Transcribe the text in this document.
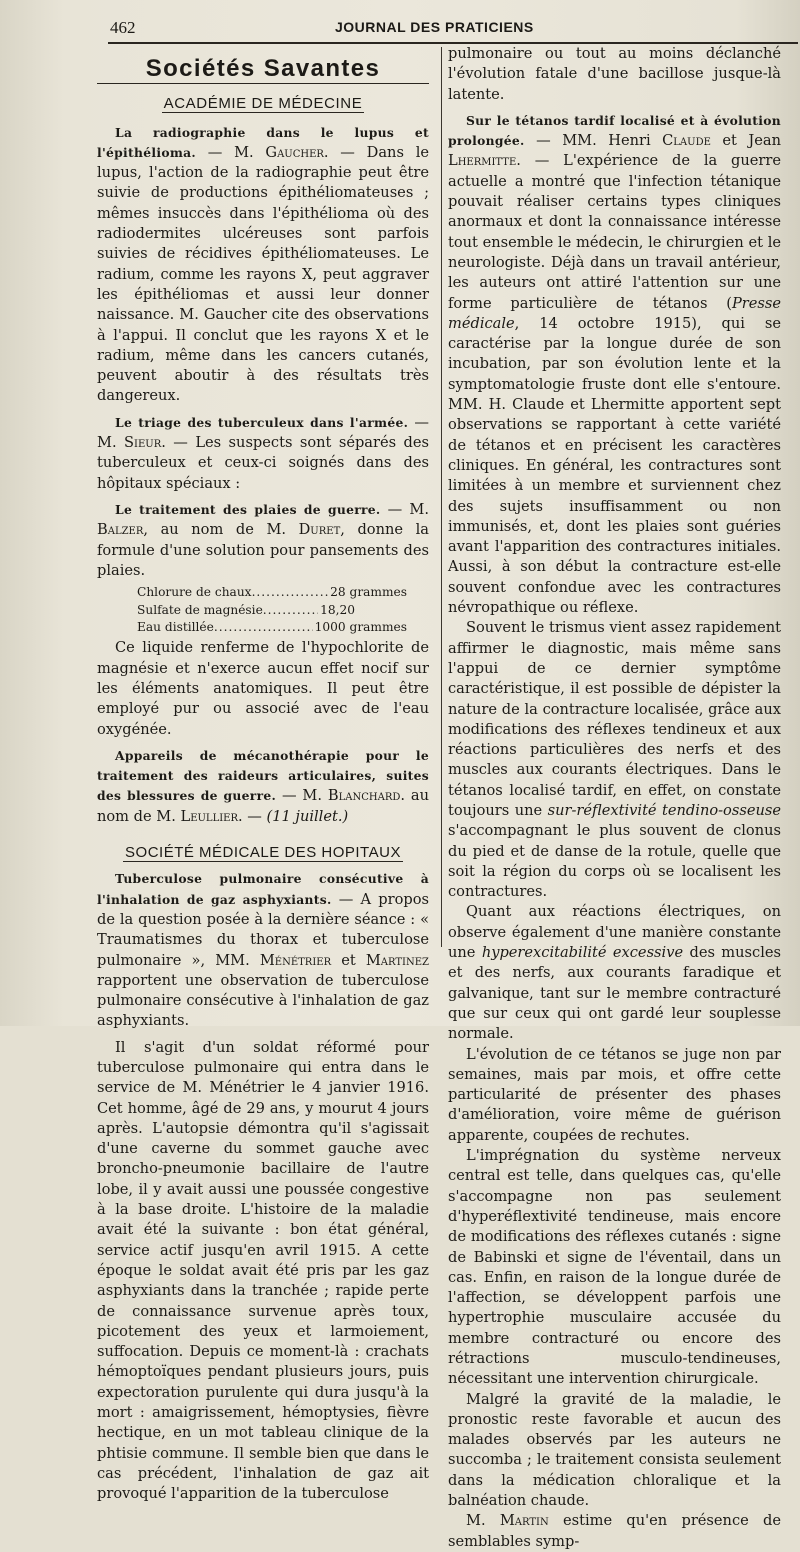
462	JOURNAL DES PRATICIENS
Sociétés Savantes
ACADÉMIE DE MÉDECINE

La radiographie dans le lupus et l'épithélioma. — M. Gaucher. — Dans le lupus, l'action de la radiographie peut être suivie de productions épithéliomateuses ; mêmes insuccès dans l'épithélioma où des radiodermites ulcéreuses sont parfois suivies de récidives épithéliomateuses. Le radium, comme les rayons X, peut aggraver les épithéliomas et aussi leur donner naissance. M. Gaucher cite des observations à l'appui. Il conclut que les rayons X et le radium, même dans les cancers cutanés, peuvent aboutir à des résultats très dangereux.

Le triage des tuberculeux dans l'armée. — M. Sieur. — Les suspects sont séparés des tuberculeux et ceux-ci soignés dans des hôpitaux spéciaux :

Le traitement des plaies de guerre. — M. Balzer, au nom de M. Duret, donne la formule d'une solution pour pansements des plaies.

Chlorure de chaux .....	28 grammes
Sulfate de magnésie .....	18,20
Eau distillée .....	1000 grammes

Ce liquide renferme de l'hypochlorite de magnésie et n'exerce aucun effet nocif sur les éléments anatomiques. Il peut être employé pur ou associé avec de l'eau oxygénée.

Appareils de mécanothérapie pour le traitement des raideurs articulaires, suites des blessures de guerre. — M. Blanchard. au nom de M. Leullier. — (11 juillet.)

SOCIÉTÉ MÉDICALE DES HOPITAUX

Tuberculose pulmonaire consécutive à l'inhalation de gaz asphyxiants. — A propos de la question posée à la dernière séance : « Traumatismes du thorax et tuberculose pulmonaire », MM. Ménétrier et Martinez rapportent une observation de tuberculose pulmonaire consécutive à l'inhalation de gaz asphyxiants.

Il s'agit d'un soldat réformé pour tuberculose pulmonaire qui entra dans le service de M. Ménétrier le 4 janvier 1916. Cet homme, âgé de 29 ans, y mourut 4 jours après. L'autopsie démontra qu'il s'agissait d'une caverne du sommet gauche avec broncho-pneumonie bacillaire de l'autre lobe, il y avait aussi une poussée congestive à la base droite. L'histoire de la maladie avait été la suivante : bon état général, service actif jusqu'en avril 1915. A cette époque le soldat avait été pris par les gaz asphyxiants dans la tranchée ; rapide perte de connaissance survenue après toux, picotement des yeux et larmoiement, suffocation. Depuis ce moment-là : crachats hémoptoïques pendant plusieurs jours, puis expectoration purulente qui dura jusqu'à la mort : amaigrissement, hémoptysies, fièvre hectique, en un mot tableau clinique de la phtisie commune. Il semble bien que dans le cas précédent, l'inhalation de gaz ait provoqué l'apparition de la tuberculose

pulmonaire ou tout au moins déclanché l'évolution fatale d'une bacillose jusque-là latente.

Sur le tétanos tardif localisé et à évolution prolongée. — MM. Henri Claude et Jean Lhermitte. — L'expérience de la guerre actuelle a montré que l'infection tétanique pouvait réaliser certains types cliniques anormaux et dont la connaissance intéresse tout ensemble le médecin, le chirurgien et le neurologiste. Déjà dans un travail antérieur, les auteurs ont attiré l'attention sur une forme particulière de tétanos (Presse médicale, 14 octobre 1915), qui se caractérise par la longue durée de son incubation, par son évolution lente et la symptomatologie fruste dont elle s'entoure. MM. H. Claude et Lhermitte apportent sept observations se rapportant à cette variété de tétanos et en précisent les caractères cliniques. En général, les contractures sont limitées à un membre et surviennent chez des sujets insuffisamment ou non immunisés, et, dont les plaies sont guéries avant l'apparition des contractures initiales. Aussi, à son début la contracture est-elle souvent confondue avec les contractures névropathique ou réflexe.

Souvent le trismus vient assez rapidement affirmer le diagnostic, mais même sans l'appui de ce dernier symptôme caractéristique, il est possible de dépister la nature de la contracture localisée, grâce aux modifications des réflexes tendineux et aux réactions particulières des nerfs et des muscles aux courants électriques. Dans le tétanos localisé tardif, en effet, on constate toujours une sur-réflextivité tendino-osseuse s'accompagnant le plus souvent de clonus du pied et de danse de la rotule, quelle que soit la région du corps où se localisent les contractures.

Quant aux réactions électriques, on observe également d'une manière constante une hyperexcitabilité excessive des muscles et des nerfs, aux courants faradique et galvanique, tant sur le membre contracturé que sur ceux qui ont gardé leur souplesse normale.

L'évolution de ce tétanos se juge non par semaines, mais par mois, et offre cette particularité de présenter des phases d'amélioration, voire même de guérison apparente, coupées de rechutes.

L'imprégnation du système nerveux central est telle, dans quelques cas, qu'elle s'accompagne non pas seulement d'hyperéflextivité tendineuse, mais encore de modifications des réflexes cutanés : signe de Babinski et signe de l'éventail, dans un cas. Enfin, en raison de la longue durée de l'affection, se développent parfois une hypertrophie musculaire accusée du membre contracturé ou encore des rétractions musculo-tendineuses, nécessitant une intervention chirurgicale.

Malgré la gravité de la maladie, le pronostic reste favorable et aucun des malades observés par les auteurs ne succomba ; le traitement consista seulement dans la médication chloralique et la balnéation chaude.

M. Martin estime qu'en présence de semblables symp-
